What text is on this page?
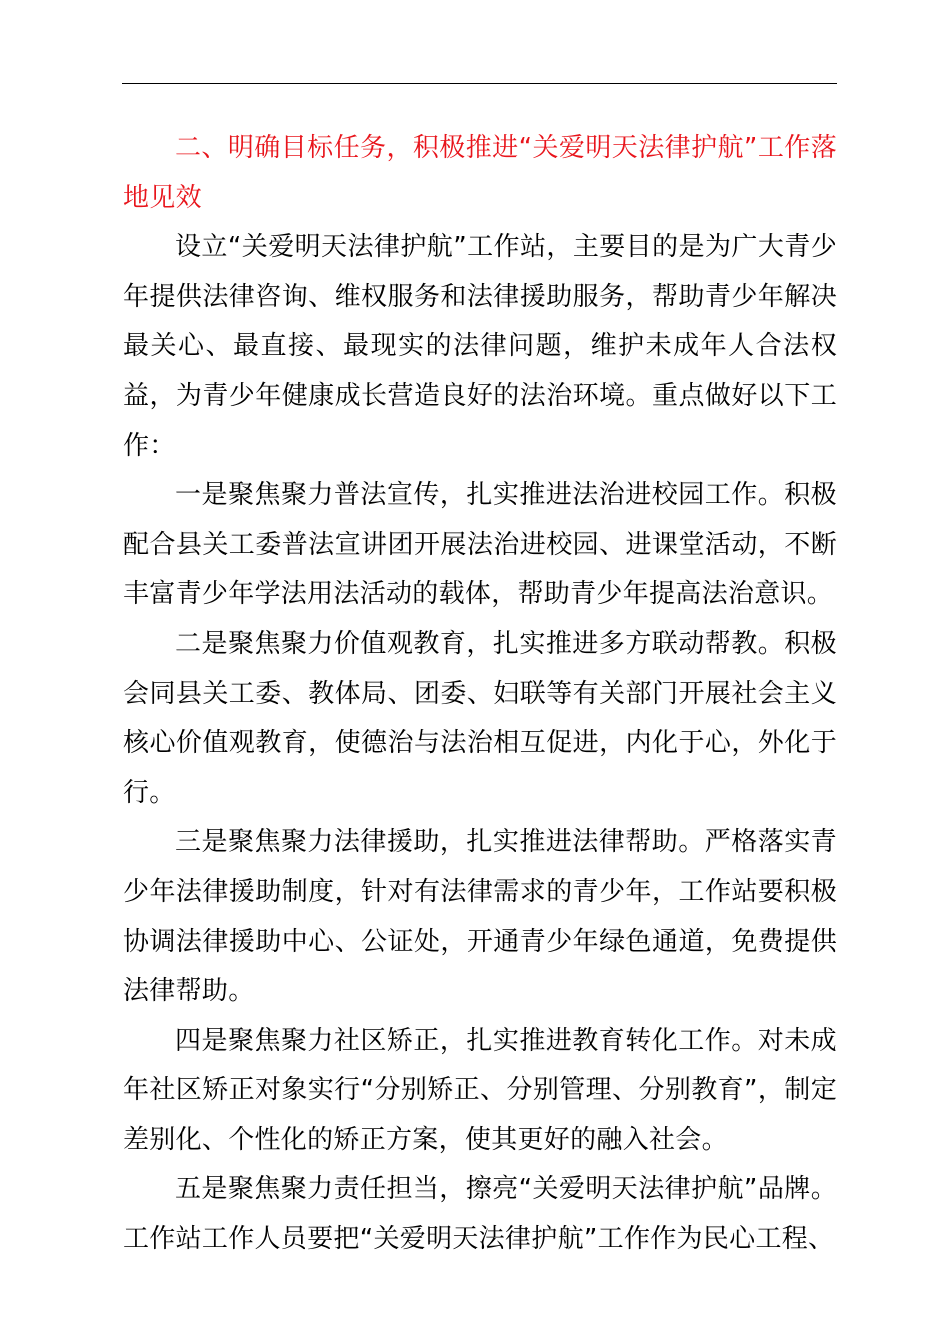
二、明确目标任务，积极推进“关爱明天法律护航”工作落地见效

设立“关爱明天法律护航”工作站，主要目的是为广大青少年提供法律咨询、维权服务和法律援助服务，帮助青少年解决最关心、最直接、最现实的法律问题，维护未成年人合法权益，为青少年健康成长营造良好的法治环境。重点做好以下工作：

一是聚焦聚力普法宣传，扎实推进法治进校园工作。积极配合县关工委普法宣讲团开展法治进校园、进课堂活动，不断丰富青少年学法用法活动的载体，帮助青少年提高法治意识。

二是聚焦聚力价值观教育，扎实推进多方联动帮教。积极会同县关工委、教体局、团委、妇联等有关部门开展社会主义核心价值观教育，使德治与法治相互促进，内化于心，外化于行。

三是聚焦聚力法律援助，扎实推进法律帮助。严格落实青少年法律援助制度，针对有法律需求的青少年，工作站要积极协调法律援助中心、公证处，开通青少年绿色通道，免费提供法律帮助。

四是聚焦聚力社区矫正，扎实推进教育转化工作。对未成年社区矫正对象实行“分别矫正、分别管理、分别教育”，制定差别化、个性化的矫正方案，使其更好的融入社会。

五是聚焦聚力责任担当，擦亮“关爱明天法律护航”品牌。工作站工作人员要把“关爱明天法律护航”工作作为民心工程、
